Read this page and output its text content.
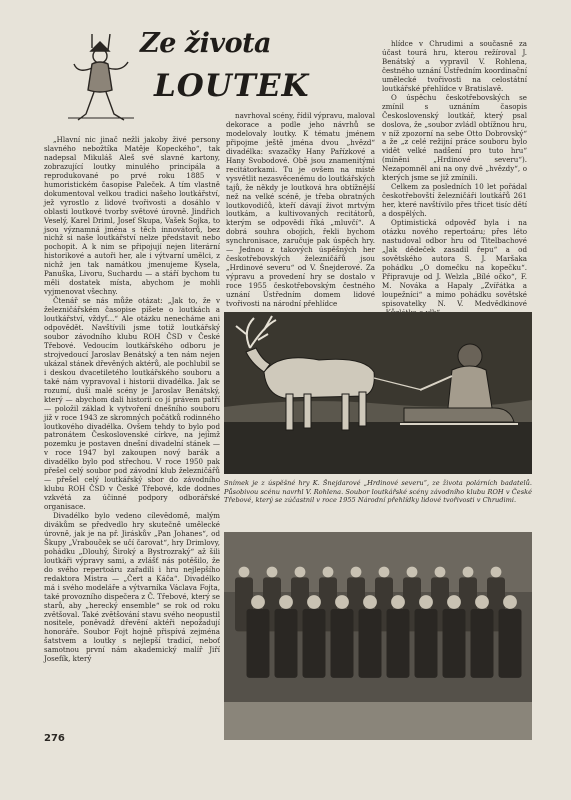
Ze života
LOUTEK

„Hlavní nic jinač nežli jakoby živé persony slavného nebožtíka Matěje Kopeckého“, tak nadepsal Mikuláš Aleš své slavné kartony, zobrazující loutky minulého principála a reprodukované po prvé roku 1885 v humoristickém časopise Paleček. A tím vlastně dokumentoval velkou tradici našeho loutkářství, jež vyrostlo z lidové tvořivosti a dosáhlo v oblasti loutkové tvorby světové úrovně. Jindřich Veselý, Karel Driml, Josef Skupa, Vašek Sojka, to jsou významná jména s těch innovátorů, bez nichž si naše loutkářství nelze představit nebo pochopit. A k nim se připojují nejen literární historikové a autoři her, ale i výtvarní umělci, z nichž jen tak namátkou jmenujeme Kysela, Panuška, Livoru, Suchardu — a stáří bychom tu měli dostatek místa, abychom je mohli vyjmenovat všechny.

Čtenář se nás může otázat: „Jak to, že v železničářském časopise píšete o loutkách a loutkářství, vždyť...“ Ale otázku nenecháme ani odpovědět. Navštívili jsme totiž loutkářský soubor závodního klubu ROH ČSD v České Třebové. Vedoucím loutkářského odboru je strojvedoucí Jaroslav Benátský a ten nám nejen ukázal stánek dřevěných aktérů, ale pochlubil se i deskou dvacetiletého loutkářského souboru a také nám vypravoval i historii divadélka. Jak se rozumí, duši malé scény je Jaroslav Benátský, který — abychom dali historii co jí právem patří — položil základ k vytvoření dnešního souboru již v roce 1943 ze skromných počátků rodinného loutkového divadélka. Ovšem tehdy to bylo pod patronátem Československé církve, na jejímž pozemku je postaven dnešní divadelní stánek — v roce 1947 byl zakoupen nový barák a divadélko bylo pod střechou. V roce 1950 pak přešel celý soubor pod závodní klub železničářů — přešel celý loutkářský sbor do závodního klubu ROH ČSD v České Třebové, kde dodnes vzkvétá za účinné podpory odborářské organisace.

Divadélko bylo vedeno cílevědomě, malým divákům se předvedlo hry skutečně umělecké úrovně, jak je na př. Jiráskův „Pan Johanes“, od Škupy „Vrabouček se učí čarovat“, hry Drimlovy, pohádku „Dlouhý, Široký a Bystrozraký“ až šili loutkáři výpravy sami, a zvlášť nás potěšilo, že do svého repertoáru zařadili i hru nejlepšího redaktora Mistra — „Čert a Káča“. Divadélko má i svého modeláře a výtvarníka Václava Fojta, také provozního dispečera z Č. Třebové, který se starů, aby „herecký ensemble“ se rok od roku zvětšoval. Také zvětšování stavu svého neopustil nositele, poněvadž dřevění aktéři nepožadují honoráře. Soubor Fojt hojně přispívá zejména šatstvem a loutky s nejlepší tradicí, neboť samotnou první nám akademický malíř Jiří Josefík, který

navrhoval scény, řídil výpravu, maloval dekorace a podle jeho návrhů se modelovaly loutky. K tématu jménem připojme ještě jména dvou „hvězd“ divadélka: svazačky Hany Pařízkové a Hany Svobodové. Obě jsou znamenitými recitátorkami. Tu je ovšem na místě vysvětlit nezasvěcenému do loutkářských tajů, že někdy je loutková hra obtížnější než na velké scéně, je třeba obratných loutkovodičů, kteří dávají život mrtvým loutkám, a kultivovaných recitátorů, kterým se odpovědi říká „mluvčí“. A dobrá souhra obojích, řekli bychom synchronisace, zaručuje pak úspěch hry. — Jednou z takových úspěšných her českotřebovských železničářů jsou „Hrdinové severu“ od V. Šnejderové. Za výpravu a provedení hry se dostalo v roce 1955 českotřebovským čestného uznání Ústředním domem lidové tvořivosti na národní přehlídce

hlídce v Chrudimi a současně za účast tourá hru, kterou režíroval J. Benátský a vypravil V. Rohlena, čestného uznání Ústředním koordinační umělecké tvořivosti na celostátní loutkářské přehlídce v Bratislavě.

O úspěchu českotřebovských se zmínil s uznáním časopis Československý loutkář, který psal doslova, že „soubor zvládl obtížnou hru, v níž zpozorní na sebe Otto Dobrovský“ a že „z celé režijní práce souboru bylo vidět velké nadšení pro tuto hru“ (míněni „Hrdinové severu“). Nezapomněl ani na ony dvě „hvězdy“, o kterých jsme se již zmínili.

Celkem za posledních 10 let pořádal českotřebovští železničáři loutkářů 261 her, které navštívilo přes třicet tisíc dětí a dospělých.

Optimistická odpověď byla i na otázku nového repertoáru; přes léto nastudoval odbor hru od Titelbachové „Jak dědeček zasadil řepu“ a od sovětského autora S. J. Maršaka pohádku „O domečku na kopečku“. Připravuje od J. Welzla „Bílé očko“, F. M. Nováka a Hapaly „Zvířátka a loupežníci“ a mimo pohádku sovětské spisovatelky N. V. Medvědkinové

Snímek je z úspěšné hry K. Šnejdarové „Hrdinové severu“, ze života polárních badatelů. Působivou scénu navrhl V. Rohlena. Soubor loutkářské scény závodního klubu ROH v České Třebové, který se zúčastnil v roce 1955 Národní přehlídky lidové tvořivosti v Chrudimi.
276
